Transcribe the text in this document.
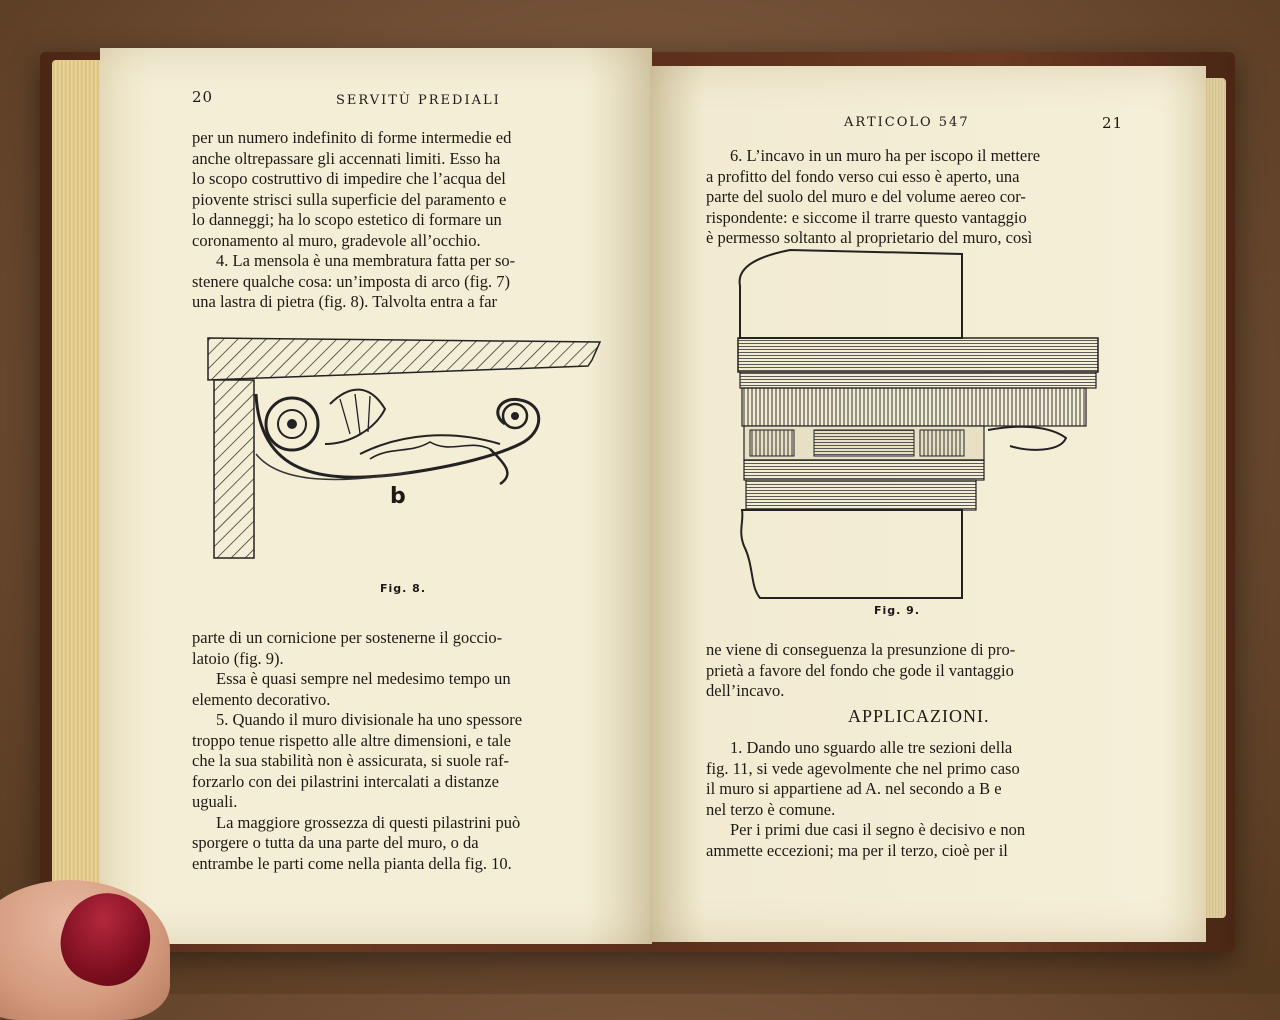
20	SERVITÙ PREDIALI

per un numero indefinito di forme intermedie ed

anche oltrepassare gli accennati limiti. Esso ha

lo scopo costruttivo di impedire che l’acqua del

piovente strisci sulla superficie del paramento e

lo danneggi; ha lo scopo estetico di formare un

coronamento al muro, gradevole all’occhio.

4. La mensola è una membratura fatta per so-

stenere qualche cosa: un’imposta di arco (fig. 7)

una lastra di pietra (fig. 8). Talvolta entra a far

b
Fig. 8.

parte di un cornicione per sostenerne il goccio-

latoio (fig. 9).

Essa è quasi sempre nel medesimo tempo un

elemento decorativo.

5. Quando il muro divisionale ha uno spessore

troppo tenue rispetto alle altre dimensioni, e tale

che la sua stabilità non è assicurata, si suole raf-

forzarlo con dei pilastrini intercalati a distanze

uguali.

La maggiore grossezza di questi pilastrini può

sporgere o tutta da una parte del muro, o da

entrambe le parti come nella pianta della fig. 10.

ARTICOLO 547	21

6. L’incavo in un muro ha per iscopo il mettere

a profitto del fondo verso cui esso è aperto, una

parte del suolo del muro e del volume aereo cor-

rispondente: e siccome il trarre questo vantaggio

è permesso soltanto al proprietario del muro, così

Fig. 9.

ne viene di conseguenza la presunzione di pro-

prietà a favore del fondo che gode il vantaggio

dell’incavo.

APPLICAZIONI.

1. Dando uno sguardo alle tre sezioni della

fig. 11, si vede agevolmente che nel primo caso

il muro si appartiene ad A. nel secondo a B e

nel terzo è comune.

Per i primi due casi il segno è decisivo e non

ammette eccezioni; ma per il terzo, cioè per il
